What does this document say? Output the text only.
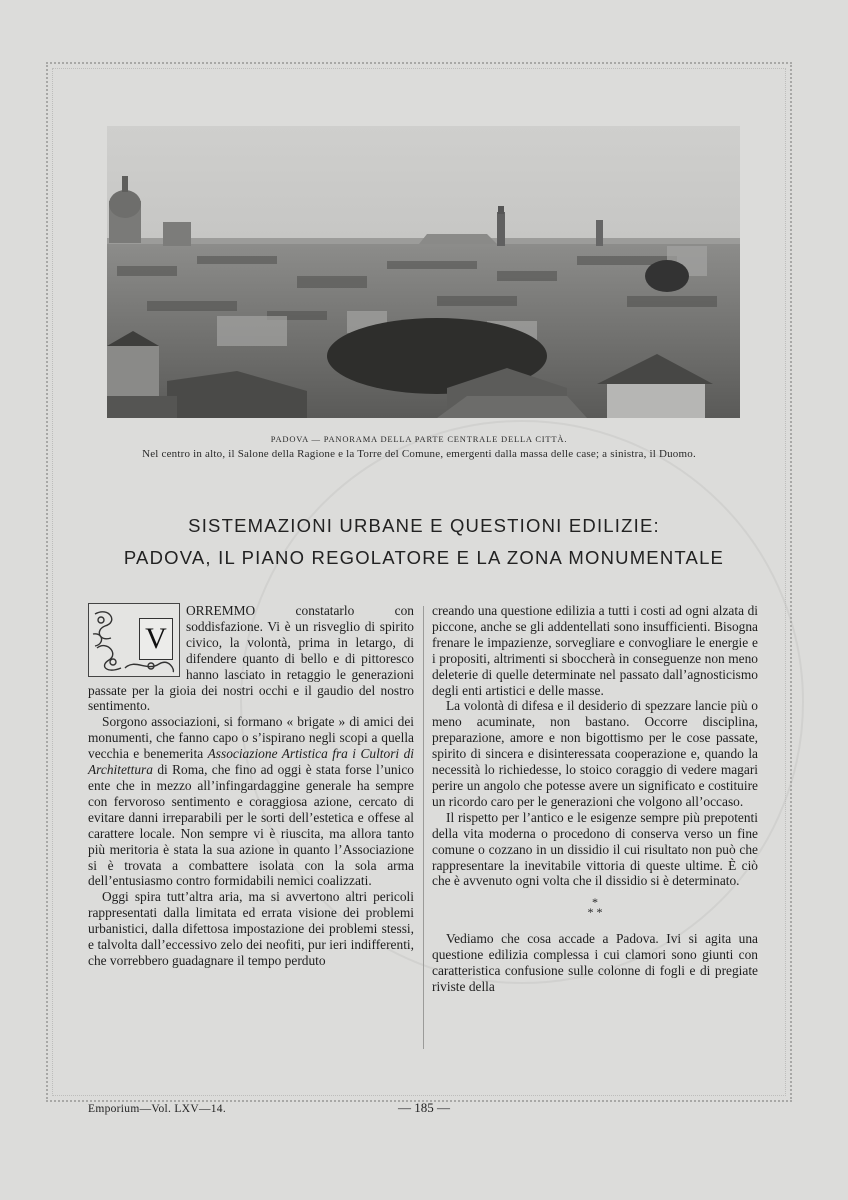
PADOVA — PANORAMA DELLA PARTE CENTRALE DELLA CITTÀ.
Nel centro in alto, il Salone della Ragione e la Torre del Comune, emergenti dalla massa delle case; a sinistra, il Duomo.
SISTEMAZIONI URBANE E QUESTIONI EDILIZIE:
PADOVA, IL PIANO REGOLATORE E LA ZONA MONUMENTALE
V

ORREMMO constatarlo con soddisfazione. Vi è un risveglio di spirito civico, la volontà, prima in letargo, di difendere quanto di bello e di pittoresco hanno lasciato in retaggio le generazioni passate per la gioia dei nostri occhi e il gaudio del nostro sentimento.

Sorgono associazioni, si formano « brigate » di amici dei monumenti, che fanno capo o s’ispirano negli scopi a quella vecchia e benemerita Associazione Artistica fra i Cultori di Architettura di Roma, che fino ad oggi è stata forse l’unico ente che in mezzo all’infingardaggine generale ha sempre con fervoroso sentimento e coraggiosa azione, cercato di evitare danni irreparabili per le sorti dell’estetica e offese al carattere locale. Non sempre vi è riuscita, ma allora tanto più meritoria è stata la sua azione in quanto l’Associazione si è trovata a combattere isolata con la sola arma dell’entusiasmo contro formidabili nemici coalizzati.

Oggi spira tutt’altra aria, ma si avvertono altri pericoli rappresentati dalla limitata ed errata visione dei problemi urbanistici, dalla difettosa impostazione dei problemi stessi, e talvolta dall’eccessivo zelo dei neofiti, pur ieri indifferenti, che vorrebbero guadagnare il tempo perduto

creando una questione edilizia a tutti i costi ad ogni alzata di piccone, anche se gli addentellati sono insufficienti. Bisogna frenare le impazienze, sorvegliare e convogliare le energie e i propositi, altrimenti si sboccherà in conseguenze non meno deleterie di quelle determinate nel passato dall’agnosticismo degli enti artistici e delle masse.

La volontà di difesa e il desiderio di spezzare lancie più o meno acuminate, non bastano. Occorre disciplina, preparazione, amore e non bigottismo per le cose passate, spirito di sincera e disinteressata cooperazione e, quando la necessità lo richiedesse, lo stoico coraggio di vedere magari perire un angolo che potesse avere un significato e costituire un ricordo caro per le generazioni che volgono all’occaso.

Il rispetto per l’antico e le esigenze sempre più prepotenti della vita moderna o procedono di conserva verso un fine comune o cozzano in un dissidio il cui risultato non può che rappresentare la inevitabile vittoria di queste ultime. È ciò che è avvenuto ogni volta che il dissidio si è determinato.

*
* *

Vediamo che cosa accade a Padova. Ivi si agita una questione edilizia complessa i cui clamori sono giunti con caratteristica confusione sulle colonne di fogli e di pregiate riviste della

Emporium—Vol. LXV—14.	— 185 —
